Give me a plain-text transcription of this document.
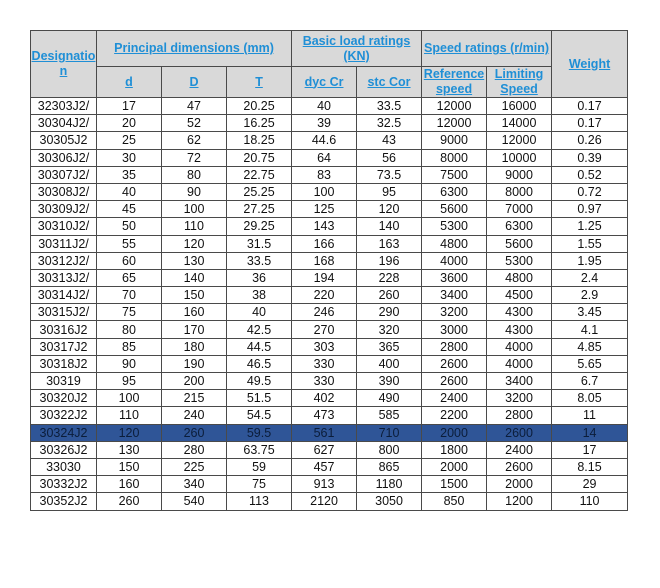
Designation	Principal dimensions (mm)			Basic load ratings (KN)		Speed ratings (r/min)		Weight
	d	D	T	dyc Cr	stc Cor	Reference speed	Limiting Speed	
32303J2/	17	47	20.25	40	33.5	12000	16000	0.17
30304J2/	20	52	16.25	39	32.5	12000	14000	0.17
30305J2	25	62	18.25	44.6	43	9000	12000	0.26
30306J2/	30	72	20.75	64	56	8000	10000	0.39
30307J2/	35	80	22.75	83	73.5	7500	9000	0.52
30308J2/	40	90	25.25	100	95	6300	8000	0.72
30309J2/	45	100	27.25	125	120	5600	7000	0.97
30310J2/	50	110	29.25	143	140	5300	6300	1.25
30311J2/	55	120	31.5	166	163	4800	5600	1.55
30312J2/	60	130	33.5	168	196	4000	5300	1.95
30313J2/	65	140	36	194	228	3600	4800	2.4
30314J2/	70	150	38	220	260	3400	4500	2.9
30315J2/	75	160	40	246	290	3200	4300	3.45
30316J2	80	170	42.5	270	320	3000	4300	4.1
30317J2	85	180	44.5	303	365	2800	4000	4.85
30318J2	90	190	46.5	330	400	2600	4000	5.65
30319	95	200	49.5	330	390	2600	3400	6.7
30320J2	100	215	51.5	402	490	2400	3200	8.05
30322J2	110	240	54.5	473	585	2200	2800	11
30324J2	120	260	59.5	561	710	2000	2600	14
30326J2	130	280	63.75	627	800	1800	2400	17
33030	150	225	59	457	865	2000	2600	8.15
30332J2	160	340	75	913	1180	1500	2000	29
30352J2	260	540	113	2120	3050	850	1200	110
